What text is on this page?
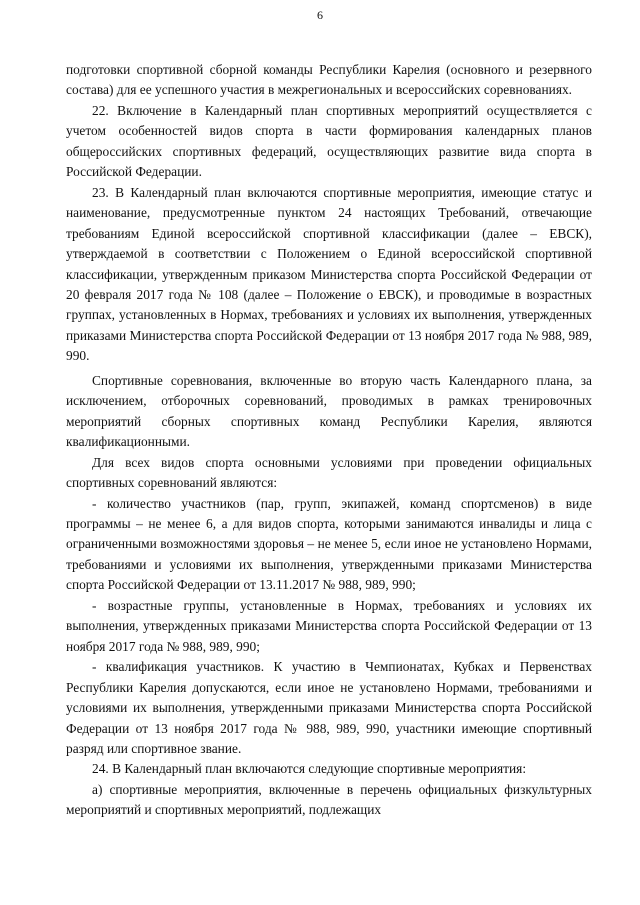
6

подготовки спортивной сборной команды Республики Карелия (основного и резервного состава) для ее успешного участия в межрегиональных и всероссийских соревнованиях.

22. Включение в Календарный план спортивных мероприятий осуществляется с учетом особенностей видов спорта в части формирования календарных планов общероссийских спортивных федераций, осуществляющих развитие вида спорта в Российской Федерации.

23. В Календарный план включаются спортивные мероприятия, имеющие статус и наименование, предусмотренные пунктом 24 настоящих Требований, отвечающие требованиям Единой всероссийской спортивной классификации (далее – ЕВСК), утверждаемой в соответствии с Положением о Единой всероссийской спортивной классификации, утвержденным приказом Министерства спорта Российской Федерации от 20 февраля 2017 года № 108 (далее – Положение о ЕВСК), и проводимые в возрастных группах, установленных в Нормах, требованиях и условиях их выполнения, утвержденных приказами Министерства спорта Российской Федерации от 13 ноября 2017 года № 988, 989, 990.

Спортивные соревнования, включенные во вторую часть Календарного плана, за исключением, отборочных соревнований, проводимых в рамках тренировочных мероприятий сборных спортивных команд Республики Карелия, являются квалификационными.

Для всех видов спорта основными условиями при проведении официальных спортивных соревнований являются:

- количество участников (пар, групп, экипажей, команд спортсменов) в виде программы – не менее 6, а для видов спорта, которыми занимаются инвалиды и лица с ограниченными возможностями здоровья – не менее 5, если иное не установлено Нормами, требованиями и условиями их выполнения, утвержденными приказами Министерства спорта Российской Федерации от 13.11.2017 № 988, 989, 990;

- возрастные группы, установленные в Нормах, требованиях и условиях их выполнения, утвержденных приказами Министерства спорта Российской Федерации от 13 ноября 2017 года № 988, 989, 990;

- квалификация участников. К участию в Чемпионатах, Кубках и Первенствах Республики Карелия допускаются, если иное не установлено Нормами, требованиями и условиями их выполнения, утвержденными приказами Министерства спорта Российской Федерации от 13 ноября 2017 года № 988, 989, 990, участники имеющие спортивный разряд или спортивное звание.

24. В Календарный план включаются следующие спортивные мероприятия:

а) спортивные мероприятия, включенные в перечень официальных физкультурных мероприятий и спортивных мероприятий, подлежащих
